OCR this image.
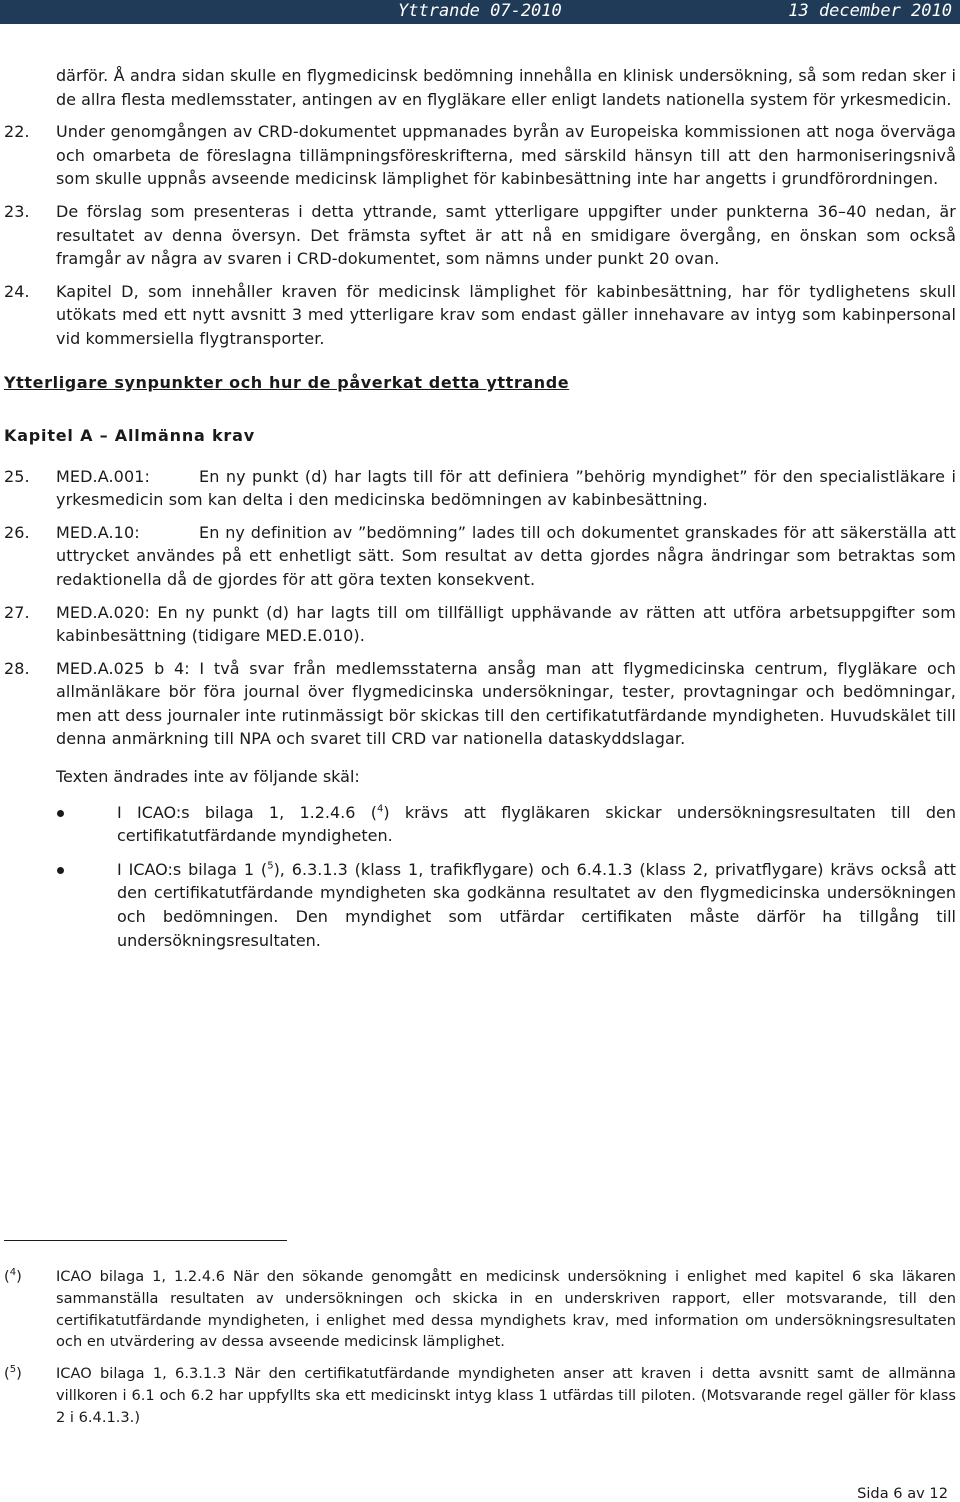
Yttrande 07-2010	13 december 2010

därför. Å andra sidan skulle en flygmedicinsk bedömning innehålla en klinisk undersökning, så som redan sker i de allra flesta medlemsstater, antingen av en flygläkare eller enligt landets nationella system för yrkesmedicin.

22. Under genomgången av CRD-dokumentet uppmanades byrån av Europeiska kommissionen att noga överväga och omarbeta de föreslagna tillämpningsföreskrifterna, med särskild hänsyn till att den harmoniseringsnivå som skulle uppnås avseende medicinsk lämplighet för kabinbesättning inte har angetts i grundförordningen.

23. De förslag som presenteras i detta yttrande, samt ytterligare uppgifter under punkterna 36–40 nedan, är resultatet av denna översyn. Det främsta syftet är att nå en smidigare övergång, en önskan som också framgår av några av svaren i CRD-dokumentet, som nämns under punkt 20 ovan.

24. Kapitel D, som innehåller kraven för medicinsk lämplighet för kabinbesättning, har för tydlighetens skull utökats med ett nytt avsnitt 3 med ytterligare krav som endast gäller innehavare av intyg som kabinpersonal vid kommersiella flygtransporter.

Ytterligare synpunkter och hur de påverkat detta yttrande
Kapitel A – Allmänna krav
25. MED.A.001:	En ny punkt (d) har lagts till för att definiera ”behörig myndighet” för den specialistläkare i yrkesmedicin som kan delta i den medicinska bedömningen av kabinbesättning.

26. MED.A.10:	En ny definition av ”bedömning” lades till och dokumentet granskades för att säkerställa att uttrycket användes på ett enhetligt sätt. Som resultat av detta gjordes några ändringar som betraktas som redaktionella då de gjordes för att göra texten konsekvent.

27. MED.A.020: En ny punkt (d) har lagts till om tillfälligt upphävande av rätten att utföra arbetsuppgifter som kabinbesättning (tidigare MED.E.010).

28. MED.A.025 b 4: I två svar från medlemsstaterna ansåg man att flygmedicinska centrum, flygläkare och allmänläkare bör föra journal över flygmedicinska undersökningar, tester, provtagningar och bedömningar, men att dess journaler inte rutinmässigt bör skickas till den certifikatutfärdande myndigheten. Huvudskälet till denna anmärkning till NPA och svaret till CRD var nationella dataskyddslagar.

Texten ändrades inte av följande skäl:

I ICAO:s bilaga 1, 1.2.4.6 ($^4$) krävs att flygläkaren skickar undersökningsresultaten till den certifikatutfärdande myndigheten.
I ICAO:s bilaga 1 ($^5$), 6.3.1.3 (klass 1, trafikflygare) och 6.4.1.3 (klass 2, privatflygare) krävs också att den certifikatutfärdande myndigheten ska godkänna resultatet av den flygmedicinska undersökningen och bedömningen. Den myndighet som utfärdar certifikaten måste därför ha tillgång till undersökningsresultaten.
($^4$) ICAO bilaga 1, 1.2.4.6 När den sökande genomgått en medicinsk undersökning i enlighet med kapitel 6 ska läkaren sammanställa resultaten av undersökningen och skicka in en underskriven rapport, eller motsvarande, till den certifikatutfärdande myndigheten, i enlighet med dessa myndighets krav, med information om undersökningsresultaten och en utvärdering av dessa avseende medicinsk lämplighet.

($^5$) ICAO bilaga 1, 6.3.1.3 När den certifikatutfärdande myndigheten anser att kraven i detta avsnitt samt de allmänna villkoren i 6.1 och 6.2 har uppfyllts ska ett medicinskt intyg klass 1 utfärdas till piloten. (Motsvarande regel gäller för klass 2 i 6.4.1.3.)

Sida 6 av 12
